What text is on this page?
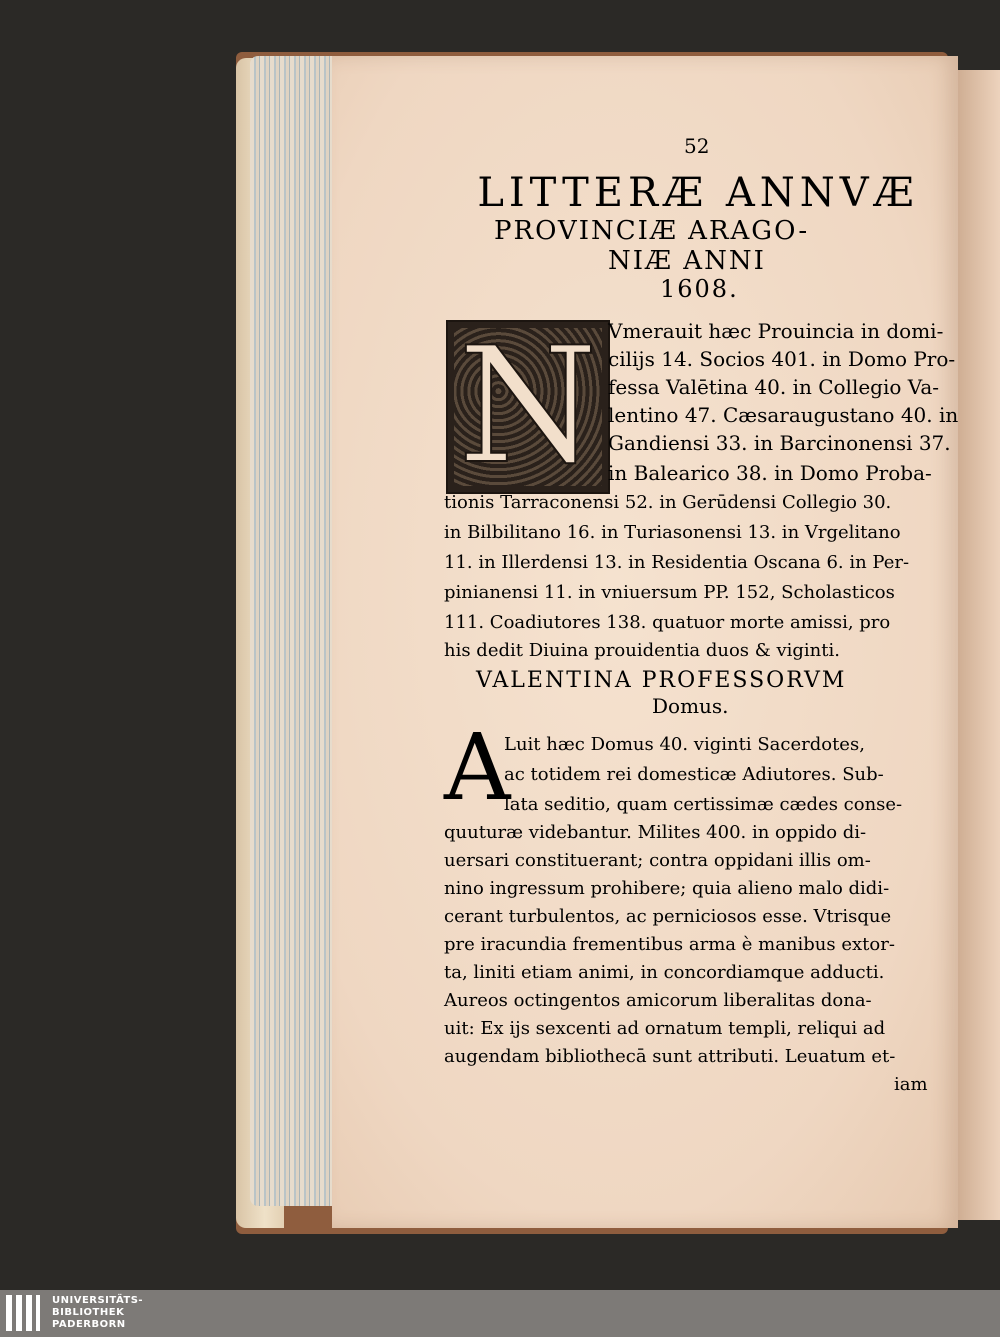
52
LITTERÆ ANNVÆ
PROVINCIÆ ARAGO-
NIÆ ANNI
1608.
N Vmerauit hæc Prouincia in domi-
cilijs 14. Socios 401. in Domo Pro-
fessa Valētina 40. in Collegio Va-
lentino 47. Cæsaraugustano 40. in
Gandiensi 33. in Barcinonensi 37.
in Balearico 38. in Domo Proba-
tionis Tarraconensi 52. in Gerūdensi Collegio 30.
in Bilbilitano 16. in Turiasonensi 13. in Vrgelitano
11. in Illerdensi 13. in Residentia Oscana 6. in Per-
pinianensi 11. in vniuersum PP. 152, Scholasticos
111. Coadiutores 138. quatuor morte amissi, pro
his dedit Diuina prouidentia duos & viginti.
VALENTINA PROFESSORVM
Domus.
A
Luit hæc Domus 40. viginti Sacerdotes,
ac totidem rei domesticæ Adiutores. Sub-
lata seditio, quam certissimæ cædes conse-
quuturæ videbantur. Milites 400. in oppido di-
uersari constituerant; contra oppidani illis om-
nino ingressum prohibere; quia alieno malo didi-
cerant turbulentos, ac perniciosos esse. Vtrisque
pre iracundia frementibus arma è manibus extor-
ta, liniti etiam animi, in concordiamque adducti.
Aureos octingentos amicorum liberalitas dona-
uit: Ex ijs sexcenti ad ornatum templi, reliqui ad
augendam bibliothecā sunt attributi. Leuatum et-
iam
UNIVERSITÄTS-
BIBLIOTHEK
PADERBORN
